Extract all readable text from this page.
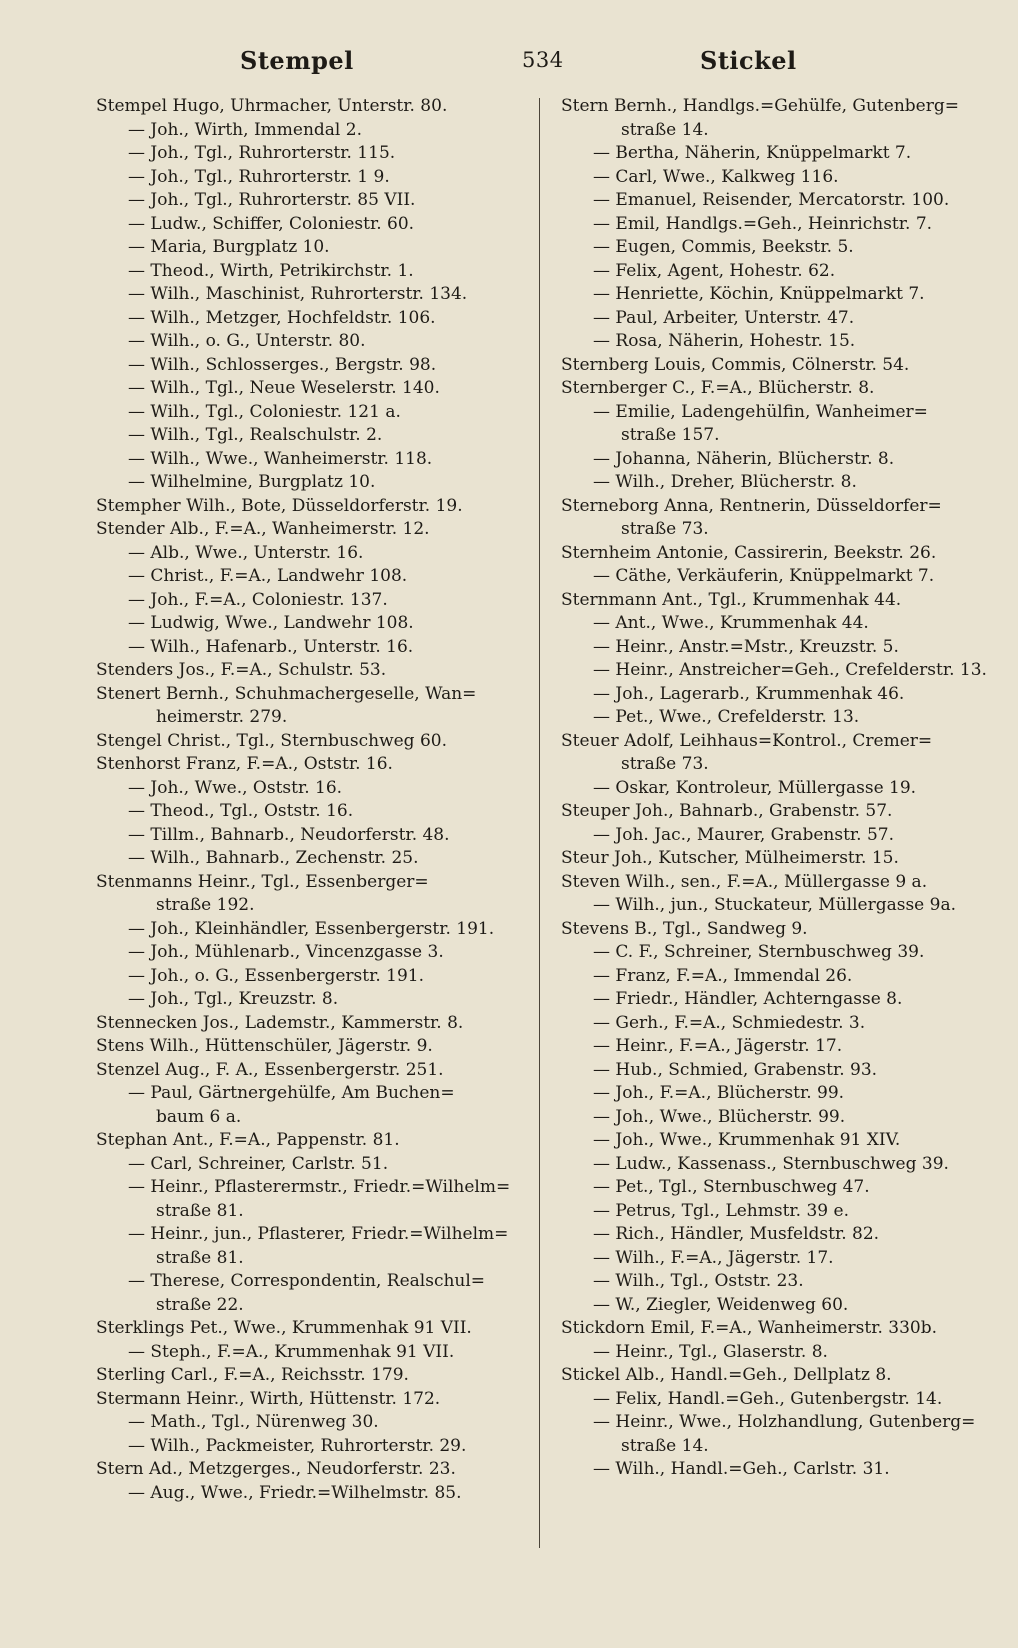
Stempel	534	Stickel
Stempel Hugo, Uhrmacher, Unterstr. 80.
— Joh., Wirth, Immendal 2.
— Joh., Tgl., Ruhrorterstr. 115.
— Joh., Tgl., Ruhrorterstr. 1 9.
— Joh., Tgl., Ruhrorterstr. 85 VII.
— Ludw., Schiffer, Coloniestr. 60.
— Maria, Burgplatz 10.
— Theod., Wirth, Petrikirchstr. 1.
— Wilh., Maschinist, Ruhrorterstr. 134.
— Wilh., Metzger, Hochfeldstr. 106.
— Wilh., o. G., Unterstr. 80.
— Wilh., Schlosserges., Bergstr. 98.
— Wilh., Tgl., Neue Weselerstr. 140.
— Wilh., Tgl., Coloniestr. 121 a.
— Wilh., Tgl., Realschulstr. 2.
— Wilh., Wwe., Wanheimerstr. 118.
— Wilhelmine, Burgplatz 10.
Stempher Wilh., Bote, Düsseldorferstr. 19.
Stender Alb., F.=A., Wanheimerstr. 12.
— Alb., Wwe., Unterstr. 16.
— Christ., F.=A., Landwehr 108.
— Joh., F.=A., Coloniestr. 137.
— Ludwig, Wwe., Landwehr 108.
— Wilh., Hafenarb., Unterstr. 16.
Stenders Jos., F.=A., Schulstr. 53.
Stenert Bernh., Schuhmachergeselle, Wan=
heimerstr. 279.
Stengel Christ., Tgl., Sternbuschweg 60.
Stenhorst Franz, F.=A., Oststr. 16.
— Joh., Wwe., Oststr. 16.
— Theod., Tgl., Oststr. 16.
— Tillm., Bahnarb., Neudorferstr. 48.
— Wilh., Bahnarb., Zechenstr. 25.
Stenmanns Heinr., Tgl., Essenberger=
straße 192.
— Joh., Kleinhändler, Essenbergerstr. 191.
— Joh., Mühlenarb., Vincenzgasse 3.
— Joh., o. G., Essenbergerstr. 191.
— Joh., Tgl., Kreuzstr. 8.
Stennecken Jos., Lademstr., Kammerstr. 8.
Stens Wilh., Hüttenschüler, Jägerstr. 9.
Stenzel Aug., F. A., Essenbergerstr. 251.
— Paul, Gärtnergehülfe, Am Buchen=
baum 6 a.
Stephan Ant., F.=A., Pappenstr. 81.
— Carl, Schreiner, Carlstr. 51.
— Heinr., Pflasterermstr., Friedr.=Wilhelm=
straße 81.
— Heinr., jun., Pflasterer, Friedr.=Wilhelm=
straße 81.
— Therese, Correspondentin, Realschul=
straße 22.
Sterklings Pet., Wwe., Krummenhak 91 VII.
— Steph., F.=A., Krummenhak 91 VII.
Sterling Carl., F.=A., Reichsstr. 179.
Stermann Heinr., Wirth, Hüttenstr. 172.
— Math., Tgl., Nürenweg 30.
— Wilh., Packmeister, Ruhrorterstr. 29.
Stern Ad., Metzgerges., Neudorferstr. 23.
— Aug., Wwe., Friedr.=Wilhelmstr. 85.
Stern Bernh., Handlgs.=Gehülfe, Gutenberg=
straße 14.
— Bertha, Näherin, Knüppelmarkt 7.
— Carl, Wwe., Kalkweg 116.
— Emanuel, Reisender, Mercatorstr. 100.
— Emil, Handlgs.=Geh., Heinrichstr. 7.
— Eugen, Commis, Beekstr. 5.
— Felix, Agent, Hohestr. 62.
— Henriette, Köchin, Knüppelmarkt 7.
— Paul, Arbeiter, Unterstr. 47.
— Rosa, Näherin, Hohestr. 15.
Sternberg Louis, Commis, Cölnerstr. 54.
Sternberger C., F.=A., Blücherstr. 8.
— Emilie, Ladengehülfin, Wanheimer=
straße 157.
— Johanna, Näherin, Blücherstr. 8.
— Wilh., Dreher, Blücherstr. 8.
Sterneborg Anna, Rentnerin, Düsseldorfer=
straße 73.
Sternheim Antonie, Cassirerin, Beekstr. 26.
— Cäthe, Verkäuferin, Knüppelmarkt 7.
Sternmann Ant., Tgl., Krummenhak 44.
— Ant., Wwe., Krummenhak 44.
— Heinr., Anstr.=Mstr., Kreuzstr. 5.
— Heinr., Anstreicher=Geh., Crefelderstr. 13.
— Joh., Lagerarb., Krummenhak 46.
— Pet., Wwe., Crefelderstr. 13.
Steuer Adolf, Leihhaus=Kontrol., Cremer=
straße 73.
— Oskar, Kontroleur, Müllergasse 19.
Steuper Joh., Bahnarb., Grabenstr. 57.
— Joh. Jac., Maurer, Grabenstr. 57.
Steur Joh., Kutscher, Mülheimerstr. 15.
Steven Wilh., sen., F.=A., Müllergasse 9 a.
— Wilh., jun., Stuckateur, Müllergasse 9a.
Stevens B., Tgl., Sandweg 9.
— C. F., Schreiner, Sternbuschweg 39.
— Franz, F.=A., Immendal 26.
— Friedr., Händler, Achterngasse 8.
— Gerh., F.=A., Schmiedestr. 3.
— Heinr., F.=A., Jägerstr. 17.
— Hub., Schmied, Grabenstr. 93.
— Joh., F.=A., Blücherstr. 99.
— Joh., Wwe., Blücherstr. 99.
— Joh., Wwe., Krummenhak 91 XIV.
— Ludw., Kassenass., Sternbuschweg 39.
— Pet., Tgl., Sternbuschweg 47.
— Petrus, Tgl., Lehmstr. 39 e.
— Rich., Händler, Musfeldstr. 82.
— Wilh., F.=A., Jägerstr. 17.
— Wilh., Tgl., Oststr. 23.
— W., Ziegler, Weidenweg 60.
Stickdorn Emil, F.=A., Wanheimerstr. 330b.
— Heinr., Tgl., Glaserstr. 8.
Stickel Alb., Handl.=Geh., Dellplatz 8.
— Felix, Handl.=Geh., Gutenbergstr. 14.
— Heinr., Wwe., Holzhandlung, Gutenberg=
straße 14.
— Wilh., Handl.=Geh., Carlstr. 31.
